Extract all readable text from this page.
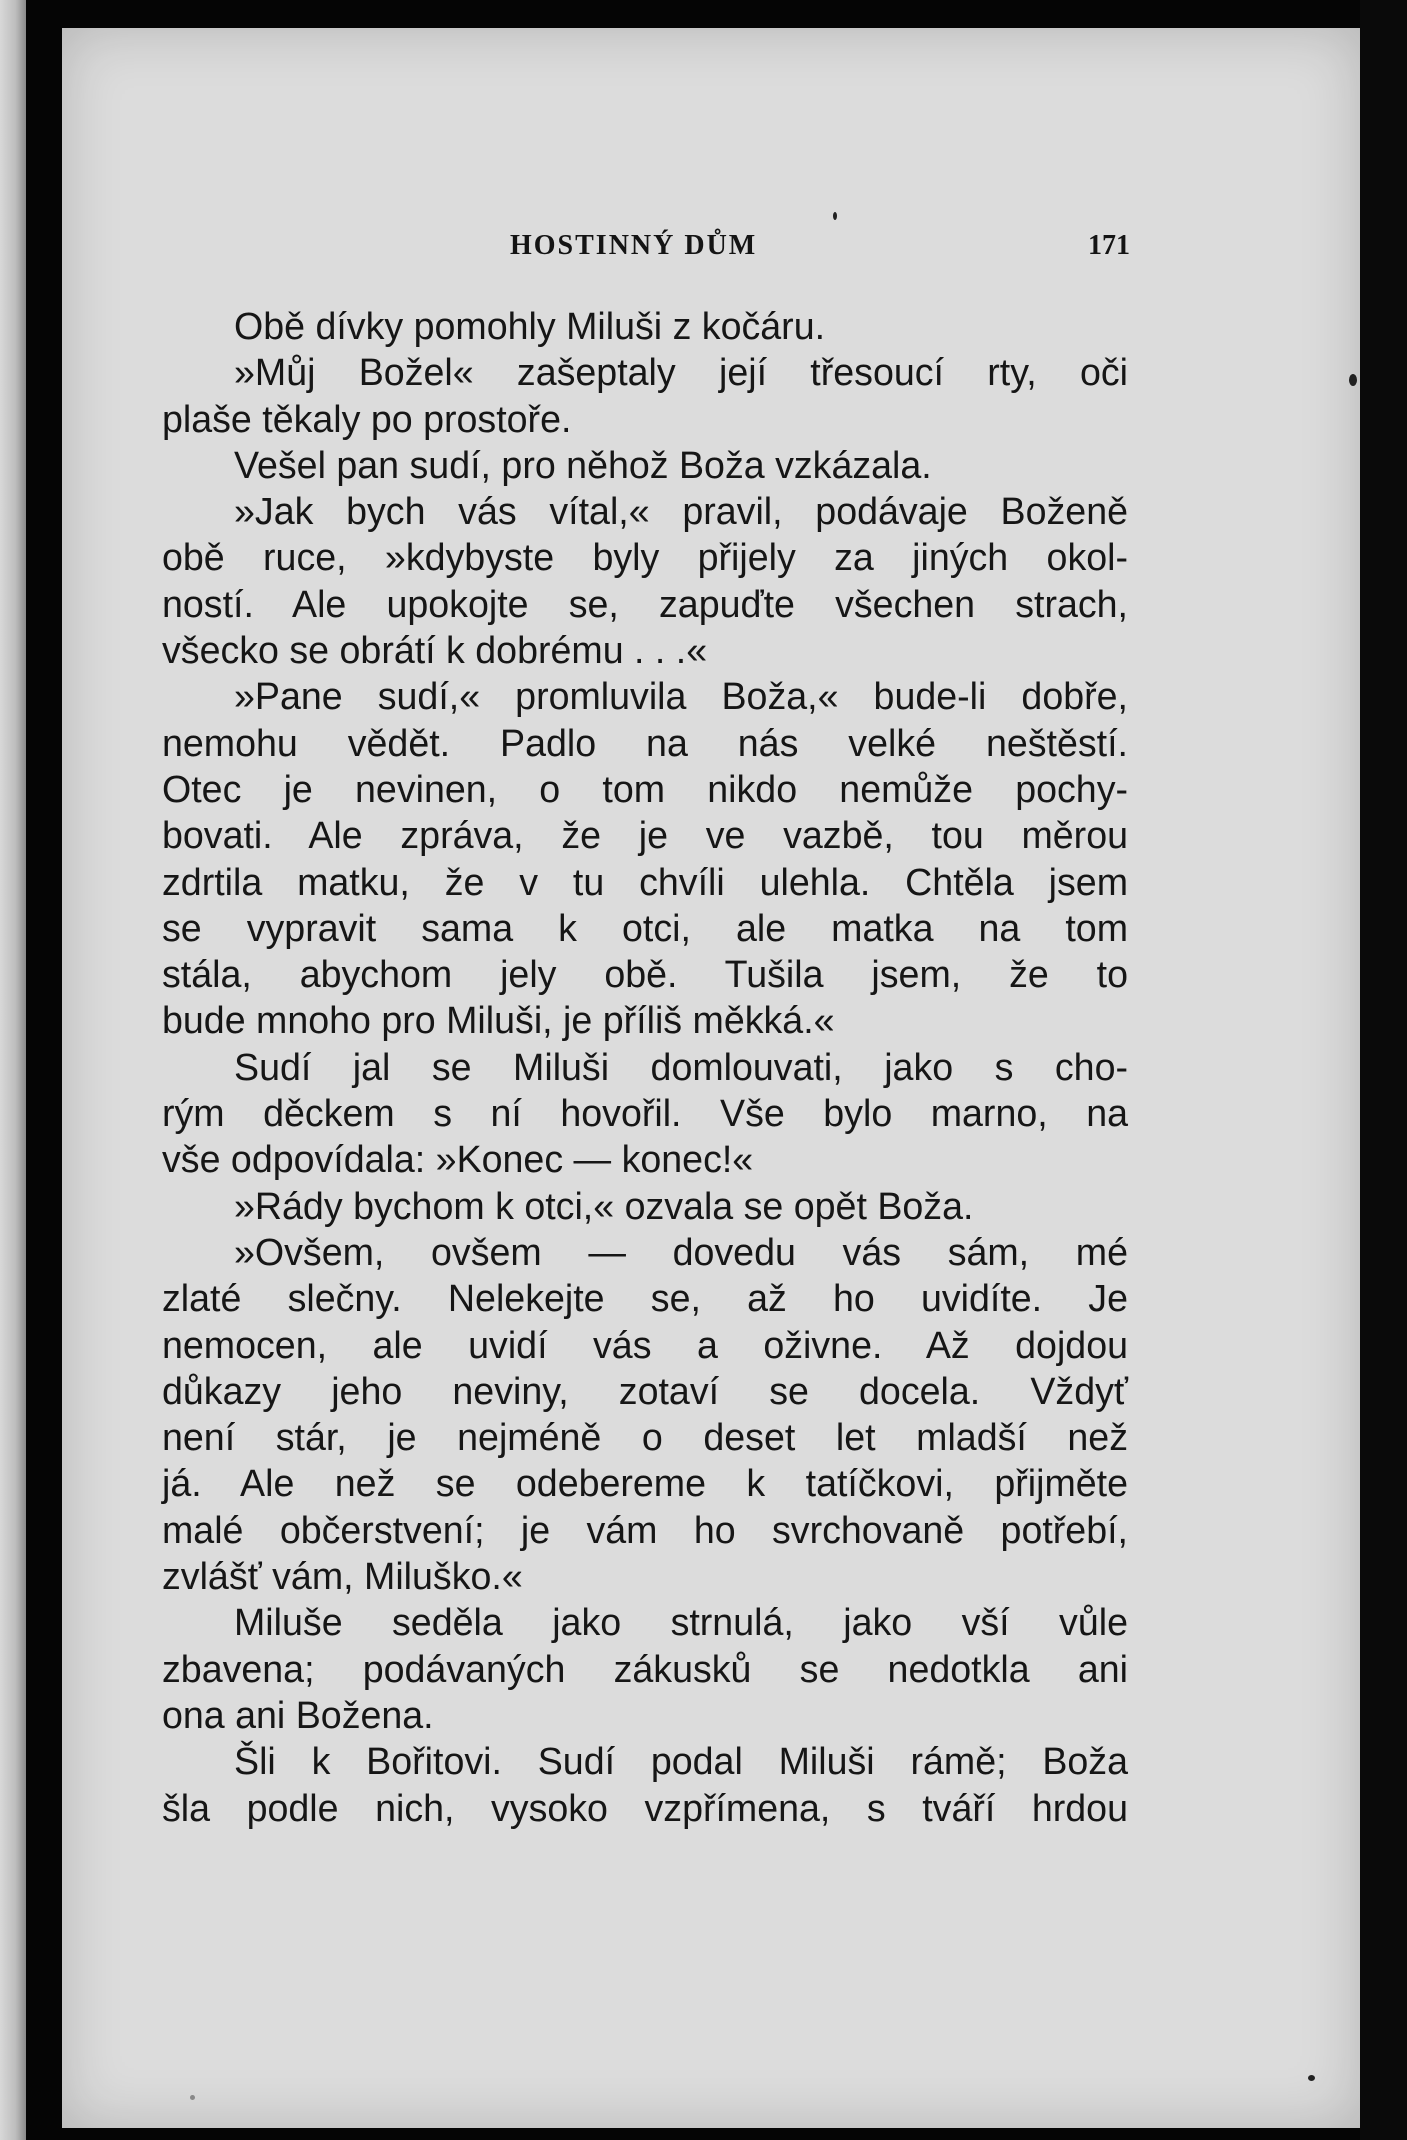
HOSTINNÝ DŮM	171
Obě dívky pomohly Miluši z kočáru.
»Můj Božel« zašeptaly její třesoucí rty, oči
plaše těkaly po prostoře.
Vešel pan sudí, pro něhož Boža vzkázala.
»Jak bych vás vítal,« pravil, podávaje Boženě
obě ruce, »kdybyste byly přijely za jiných okol-
ností. Ale upokojte se, zapuďte všechen strach,
všecko se obrátí k dobrému . . .«
»Pane sudí,« promluvila Boža,« bude-li dobře,
nemohu vědět. Padlo na nás velké neštěstí.
Otec je nevinen, o tom nikdo nemůže pochy-
bovati. Ale zpráva, že je ve vazbě, tou měrou
zdrtila matku, že v tu chvíli ulehla. Chtěla jsem
se vypravit sama k otci, ale matka na tom
stála, abychom jely obě. Tušila jsem, že to
bude mnoho pro Miluši, je příliš měkká.«
Sudí jal se Miluši domlouvati, jako s cho-
rým děckem s ní hovořil. Vše bylo marno, na
vše odpovídala: »Konec — konec!«
»Rády bychom k otci,« ozvala se opět Boža.
»Ovšem, ovšem — dovedu vás sám, mé
zlaté slečny. Nelekejte se, až ho uvidíte. Je
nemocen, ale uvidí vás a oživne. Až dojdou
důkazy jeho neviny, zotaví se docela. Vždyť
není stár, je nejméně o deset let mladší než
já. Ale než se odebereme k tatíčkovi, přijměte
malé občerstvení; je vám ho svrchovaně potřebí,
zvlášť vám, Miluško.«
Miluše seděla jako strnulá, jako vší vůle
zbavena; podávaných zákusků se nedotkla ani
ona ani Božena.
Šli k Bořitovi. Sudí podal Miluši rámě; Boža
šla podle nich, vysoko vzpřímena, s tváří hrdou
